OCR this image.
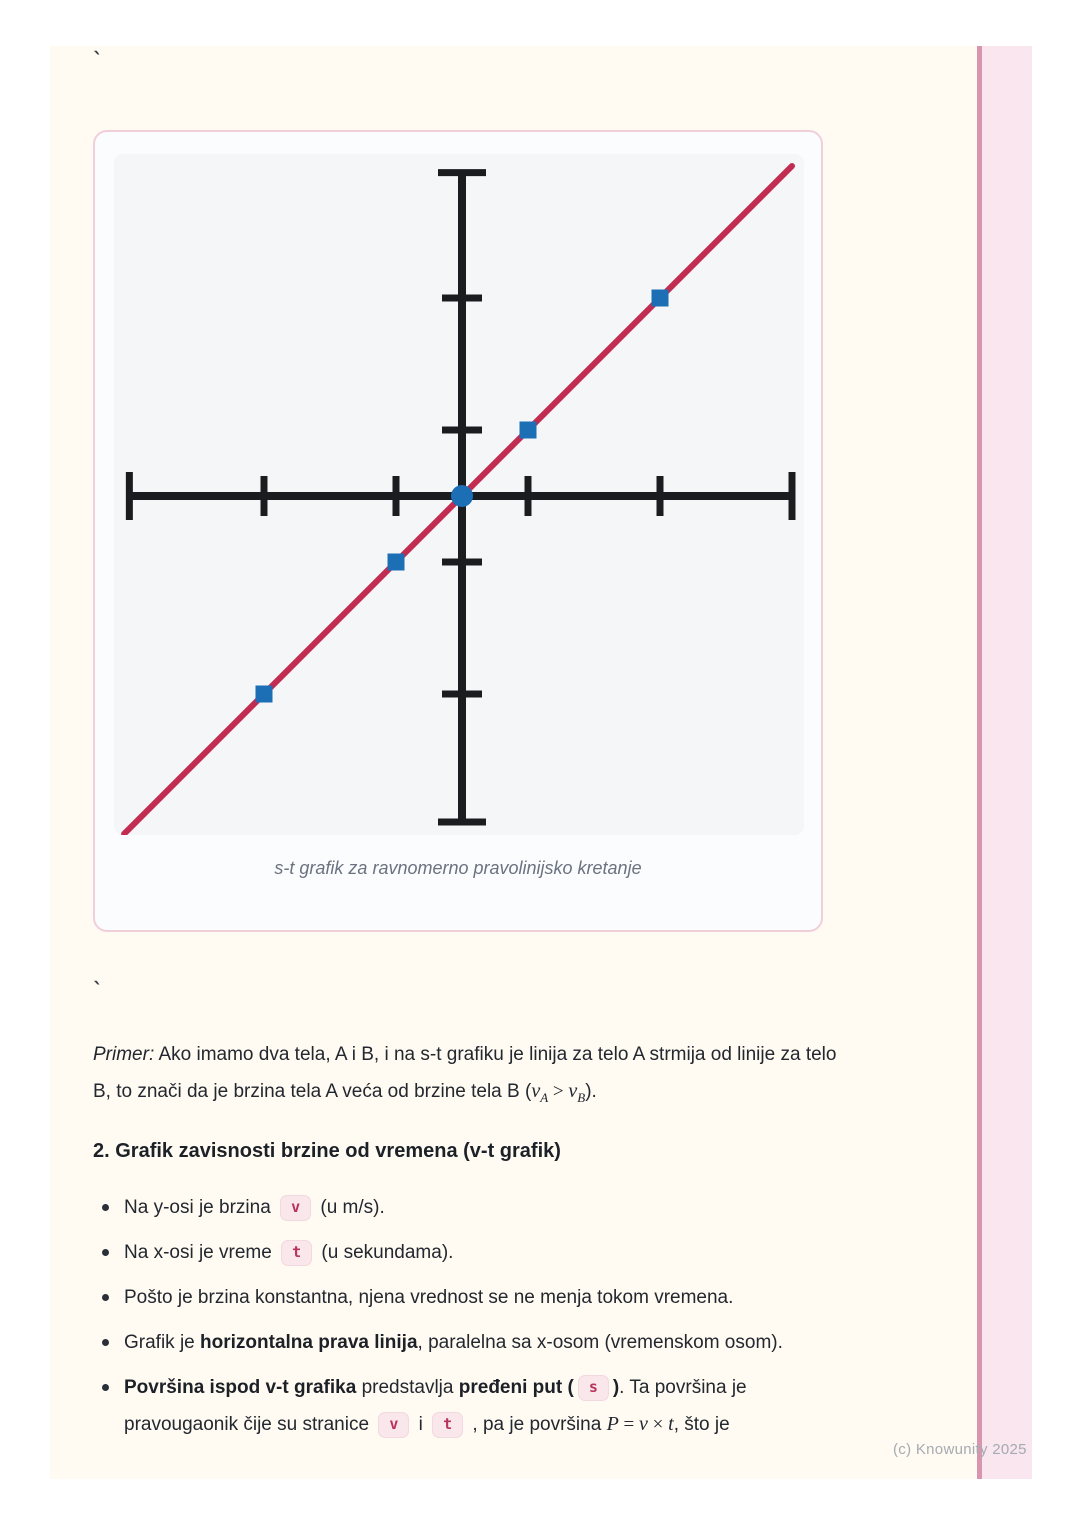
`
`
s-t grafik za ravnomerno pravolinijsko kretanje

Primer: Ako imamo dva tela, A i B, i na s-t grafiku je linija za telo A strmija od linije za telo B, to znači da je brzina tela A veća od brzine tela B $(v_A > v_B)$.

2. Grafik zavisnosti brzine od vremena (v-t grafik)
Na y-osi je brzina v (u m/s).
Na x-osi je vreme t (u sekundama).
Pošto je brzina konstantna, njena vrednost se ne menja tokom vremena.
Grafik je horizontalna prava linija, paralelna sa x-osom (vremenskom osom).
Površina ispod v-t grafika predstavlja pređeni put ( s ). Ta površina je pravougaonik čije su stranice v i t , pa je površina P = v × t, što je
(c) Knowunity 2025
